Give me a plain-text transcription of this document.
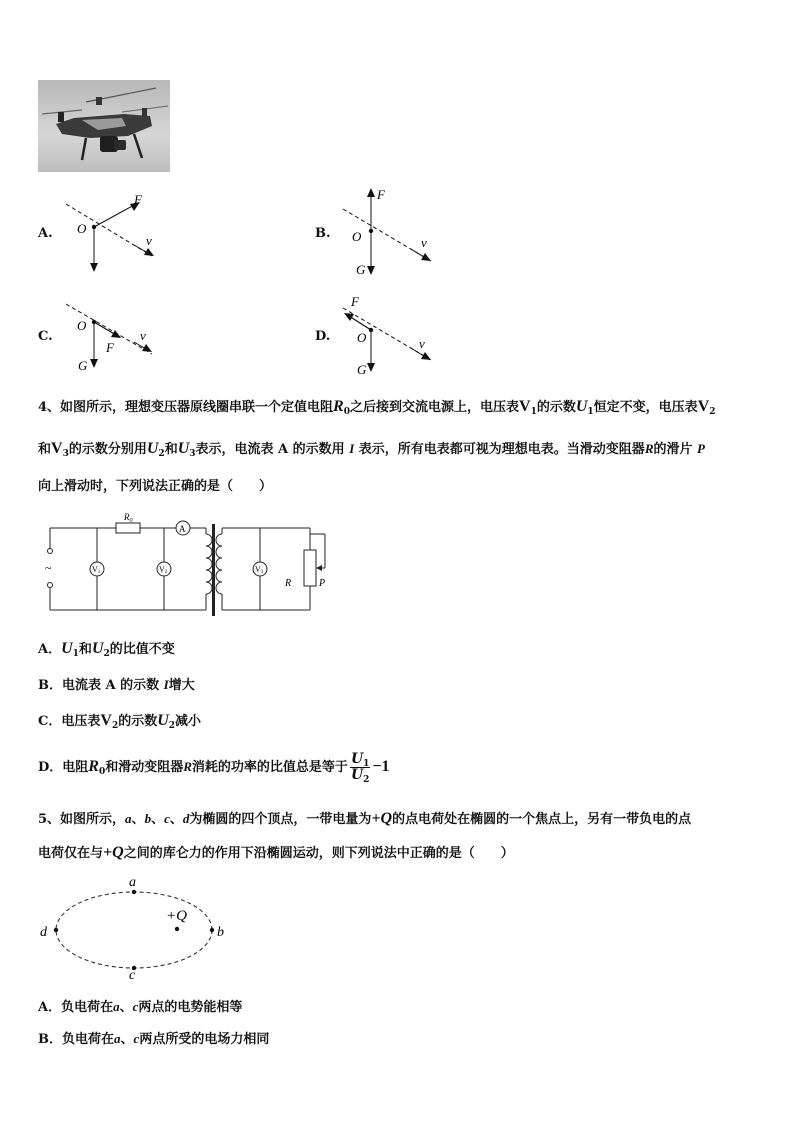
A.
F
O
v	B.
F
O	v
G
C.
O
F
v
G
D.
F
O	v
G
4、如图所示，理想变压器原线圈串联一个定值电阻$R_0$之后接到交流电源上，电压表$V_1$的示数$U_1$恒定不变，电压表$V_2$
和$V_3$的示数分别用$U_2$和$U_3$表示，电流表 A 的示数用 I 表示，所有电表都可视为理想电表。当滑动变阻器R的滑片 P
向上滑动时，下列说法正确的是（　　）
$R_0$
A
V1	V2	V3
~
R	P
A．$U_1$和$U_2$的比值不变
B．电流表 A 的示数 I增大
C．电压表$V_2$的示数$U_2$减小
D．电阻$R_0$和滑动变阻器R消耗的功率的比值总是等于 $\frac{U_1}{U_2} -1$
5、如图所示，a、b、c、d为椭圆的四个顶点，一带电量为+Q的点电荷处在椭圆的一个焦点上，另有一带负电的点
电荷仅在与+Q之间的库仑力的作用下沿椭圆运动，则下列说法中正确的是（　　）
a
c
d	b
+Q
A．负电荷在a、c两点的电势能相等
B．负电荷在a、c两点所受的电场力相同
